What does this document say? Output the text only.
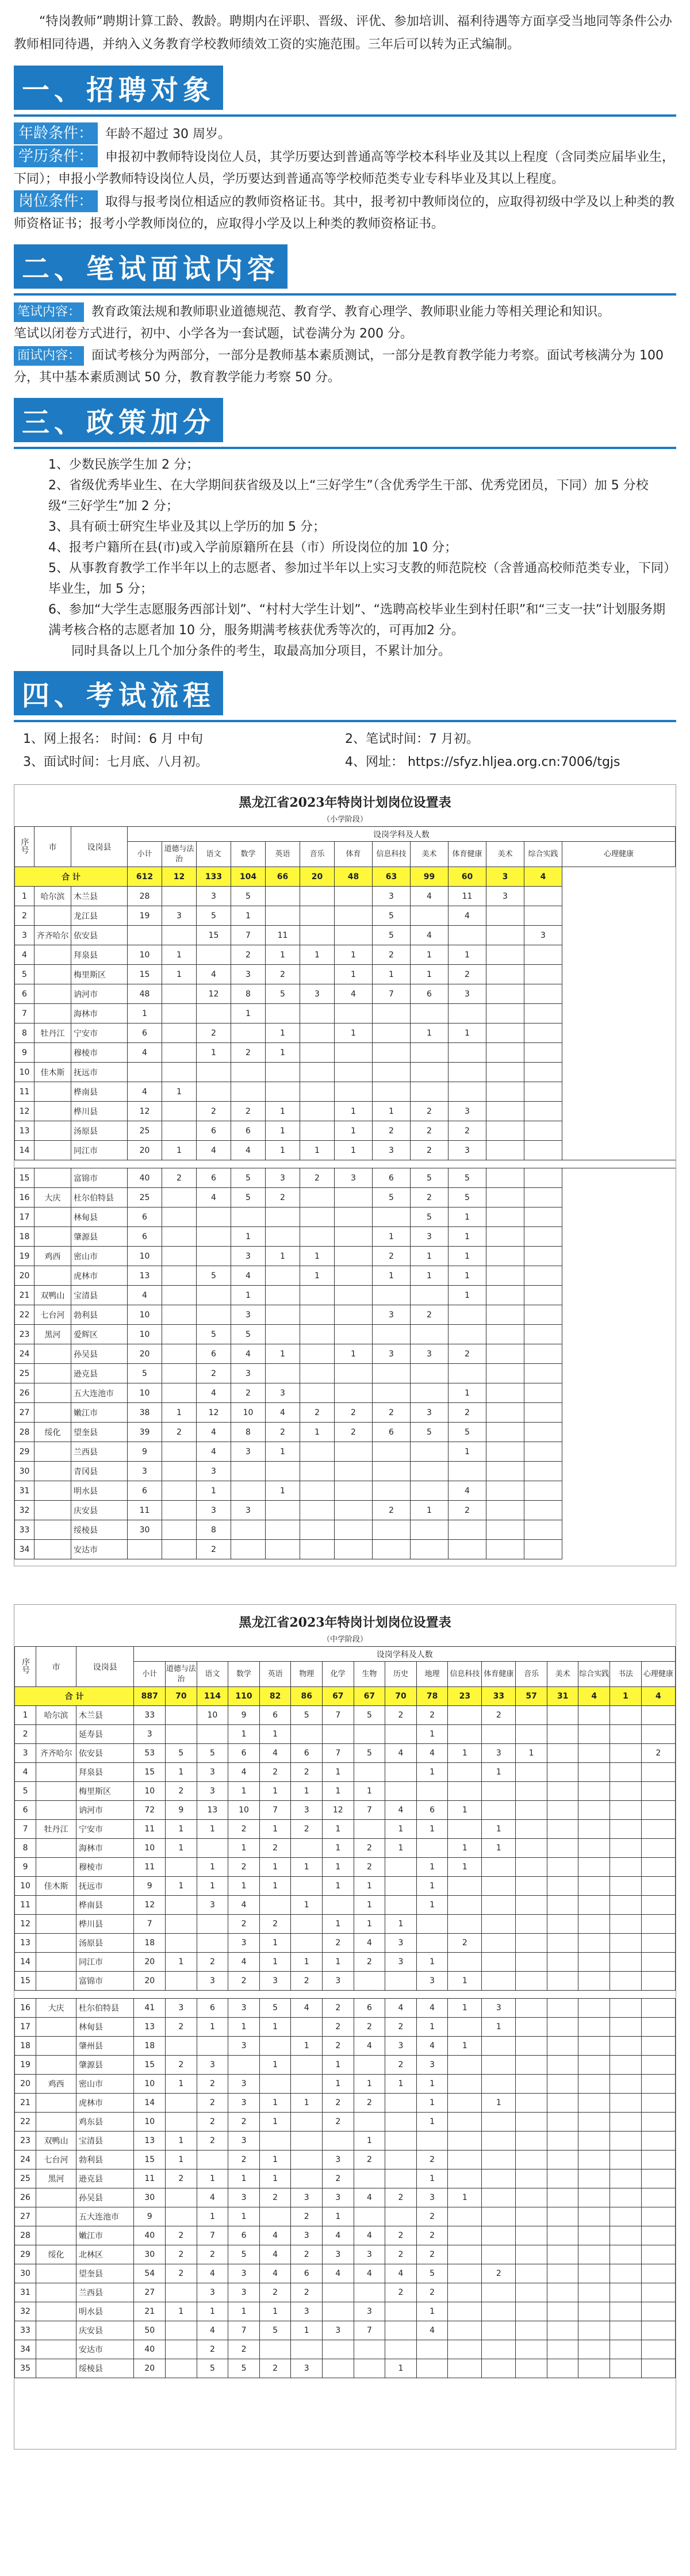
“特岗教师”聘期计算工龄、教龄。聘期内在评职、晋级、评优、参加培训、福利待遇等方面享受当地同等条件公办教师相同待遇，并纳入义务教育学校教师绩效工资的实施范围。三年后可以转为正式编制。

一、招聘对象
年龄条件： 年龄不超过 30 周岁。
学历条件： 申报初中教师特设岗位人员，其学历要达到普通高等学校本科毕业及其以上程度（含同类应届毕业生，下同）；申报小学教师特设岗位人员，学历要达到普通高等学校师范类专业专科毕业及其以上程度。
岗位条件： 取得与报考岗位相适应的教师资格证书。其中，报考初中教师岗位的，应取得初级中学及以上种类的教师资格证书；报考小学教师岗位的，应取得小学及以上种类的教师资格证书。
二、笔试面试内容
笔试内容： 教育政策法规和教师职业道德规范、教育学、教育心理学、教师职业能力等相关理论和知识。
笔试以闭卷方式进行，初中、小学各为一套试题，试卷满分为 200 分。
面试内容： 面试考核分为两部分，一部分是教师基本素质测试，一部分是教育教学能力考察。面试考核满分为 100 分，其中基本素质测试 50 分，教育教学能力考察 50 分。
三、政策加分
1、少数民族学生加 2 分；
2、省级优秀毕业生、在大学期间获省级及以上“三好学生”（含优秀学生干部、优秀党团员，下同）加 5 分校级“三好学生”加 2 分；
3、具有硕士研究生毕业及其以上学历的加 5 分；
4、报考户籍所在县(市)或入学前原籍所在县（市）所设岗位的加 10 分；
5、从事教育教学工作半年以上的志愿者、参加过半年以上实习支教的师范院校（含普通高校师范类专业，下同）毕业生，加 5 分；
6、参加“大学生志愿服务西部计划”、“村村大学生计划”、“选聘高校毕业生到村任职”和“三支一扶”计划服务期满考核合格的志愿者加 10 分，服务期满考核获优秀等次的，可再加2 分。
同时具备以上几个加分条件的考生，取最高加分项目，不累计加分。
四、考试流程
1、网上报名： 时间：6 月 中旬	2、笔试时间：7 月初。
3、面试时间：七月底、八月初。	4、网址： https://sfyz.hljea.org.cn:7006/tgjs
黑龙江省2023年特岗计划岗位设置表
（小学阶段）
序号	市	设岗县	设岗学科及人数												
			小计	道德与法治	语文	数学	英语	音乐	体育	信息科技	美术	体育健康	美术	综合实践	心理健康
合 计			612	12	133	104	66	20	48	63	99	60	3	4	
1	哈尔滨	木兰县	28		3	5				3	4	11	3		
2		龙江县	19	3	5	1				5		4			
3	齐齐哈尔	依安县			15	7	11			5	4			3	
4		拜泉县	10	1		2	1	1	1	2	1	1			
5		梅里斯区	15	1	4	3	2		1	1	1	2			
6		讷河市	48		12	8	5	3	4	7	6	3			
7		海林市	1			1									
8	牡丹江	宁安市	6		2		1		1		1	1			
9		穆棱市	4		1	2	1								
10	佳木斯	抚远市													
11		桦南县	4	1											
12		桦川县	12		2	2	1		1	1	2	3			
13		汤原县	25		6	6	1		1	2	2	2			
14		同江市	20	1	4	4	1	1	1	3	2	3			

15		富锦市	40	2	6	5	3	2	3	6	5	5			
16	大庆	杜尔伯特县	25		4	5	2			5	2	5			
17		林甸县	6								5	1			
18		肇源县	6			1				1	3	1			
19	鸡西	密山市	10			3	1	1		2	1	1			
20		虎林市	13		5	4		1		1	1	1			
21	双鸭山	宝清县	4			1						1			
22	七台河	勃利县	10			3				3	2				
23	黑河	爱辉区	10		5	5									
24		孙吴县	20		6	4	1		1	3	3	2			
25		逊克县	5		2	3									
26		五大连池市	10		4	2	3					1			
27		嫩江市	38	1	12	10	4	2	2	2	3	2			
28	绥化	望奎县	39	2	4	8	2	1	2	6	5	5			
29		兰西县	9		4	3	1					1			
30		青冈县	3		3										
31		明水县	6		1		1					4			
32		庆安县	11		3	3				2	1	2			
33		绥棱县	30		8										
34		安达市			2										
黑龙江省2023年特岗计划岗位设置表
（中学阶段）
序号	市	设岗县	设岗学科及人数																
			小计	道德与法治	语文	数学	英语	物理	化学	生物	历史	地理	信息科技	体育健康	音乐	美术	综合实践	书法	心理健康
合 计			887	70	114	110	82	86	67	67	70	78	23	33	57	31	4	1	4
1	哈尔滨	木兰县	33		10	9	6	5	7	5	2	2		2					
2		延寿县	3			1	1					1							
3	齐齐哈尔	依安县	53	5	5	6	4	6	7	5	4	4	1	3	1				2
4		拜泉县	15	1	3	4	2	2	1			1		1					
5		梅里斯区	10	2	3	1	1	1	1	1									
6		讷河市	72	9	13	10	7	3	12	7	4	6	1						
7	牡丹江	宁安市	11	1	1	2	1	2	1		1	1		1					
8		海林市	10	1		1	2		1	2	1		1	1					
9		穆棱市	11		1	2	1	1	1	2		1	1						
10	佳木斯	抚远市	9	1	1	1	1		1	1		1							
11		桦南县	12		3	4		1		1		1							
12		桦川县	7			2	2		1	1	1								
13		汤原县	18			3	1		2	4	3		2						
14		同江市	20	1	2	4	1	1	1	2	3	1							
15		富锦市	20		3	2	3	2	3			3	1						

16	大庆	杜尔伯特县	41	3	6	3	5	4	2	6	4	4	1	3					
17		林甸县	13	2	1	1	1		2	2	2	1		1					
18		肇州县	18			3		1	2	4	3	4	1						
19		肇源县	15	2	3		1		1		2	3							
20	鸡西	密山市	10	1	2	3			1	1	1	1							
21		虎林市	14		2	3	1	1	2	2		1		1					
22		鸡东县	10		2	2	1		2			1							
23	双鸭山	宝清县	13	1	2	3				1									
24	七台河	勃利县	15	1		2	1		3	2		2							
25	黑河	逊克县	11	2	1	1	1		2			1							
26		孙吴县	30		4	3	2	3	3	4	2	3	1						
27		五大连池市	9		1	1		2	1			2							
28		嫩江市	40	2	7	6	4	3	4	4	2	2							
29	绥化	北林区	30	2	2	5	4	2	3	3	2	2							
30		望奎县	54	2	4	3	4	6	4	4	4	5		2					
31		兰西县	27		3	3	2	2			2	2							
32		明水县	21	1	1	1	1	3		3		1							
33		庆安县	50		4	7	5	1	3	7		4							
34		安达市	40		2	2													
35		绥棱县	20		5	5	2	3			1								
